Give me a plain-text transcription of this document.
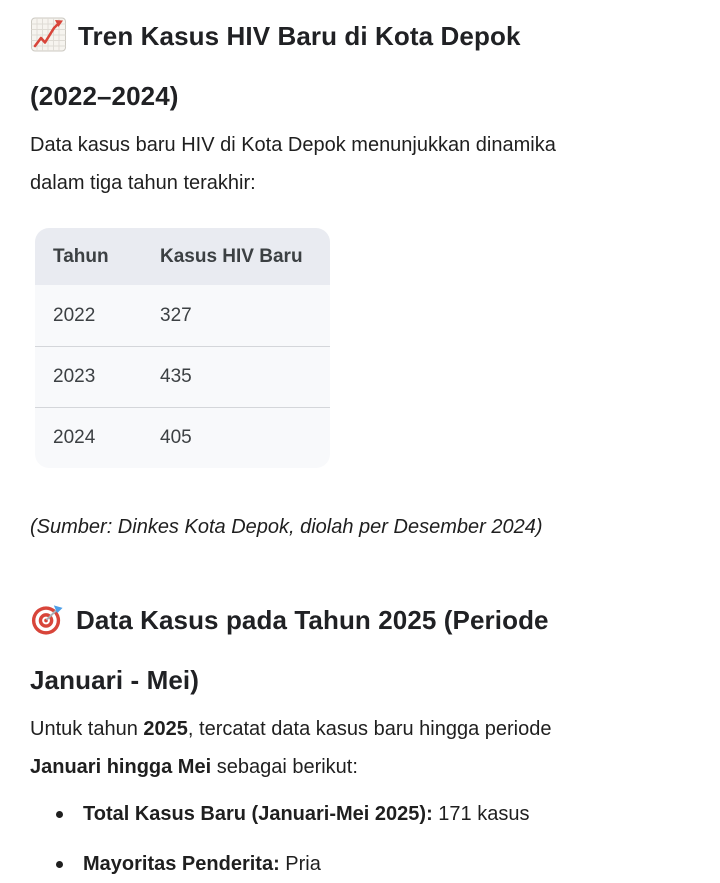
Tren Kasus HIV Baru di Kota Depok
(2022–2024)

Data kasus baru HIV di Kota Depok menunjukkan dinamika
dalam tiga tahun terakhir:

Tahun	Kasus HIV Baru
2022	327
2023	435
2024	405

(Sumber: Dinkes Kota Depok, diolah per Desember 2024)

Data Kasus pada Tahun 2025 (Periode
Januari - Mei)

Untuk tahun 2025, tercatat data kasus baru hingga periode
Januari hingga Mei sebagai berikut:

Total Kasus Baru (Januari-Mei 2025): 171 kasus
Mayoritas Penderita: Pria
